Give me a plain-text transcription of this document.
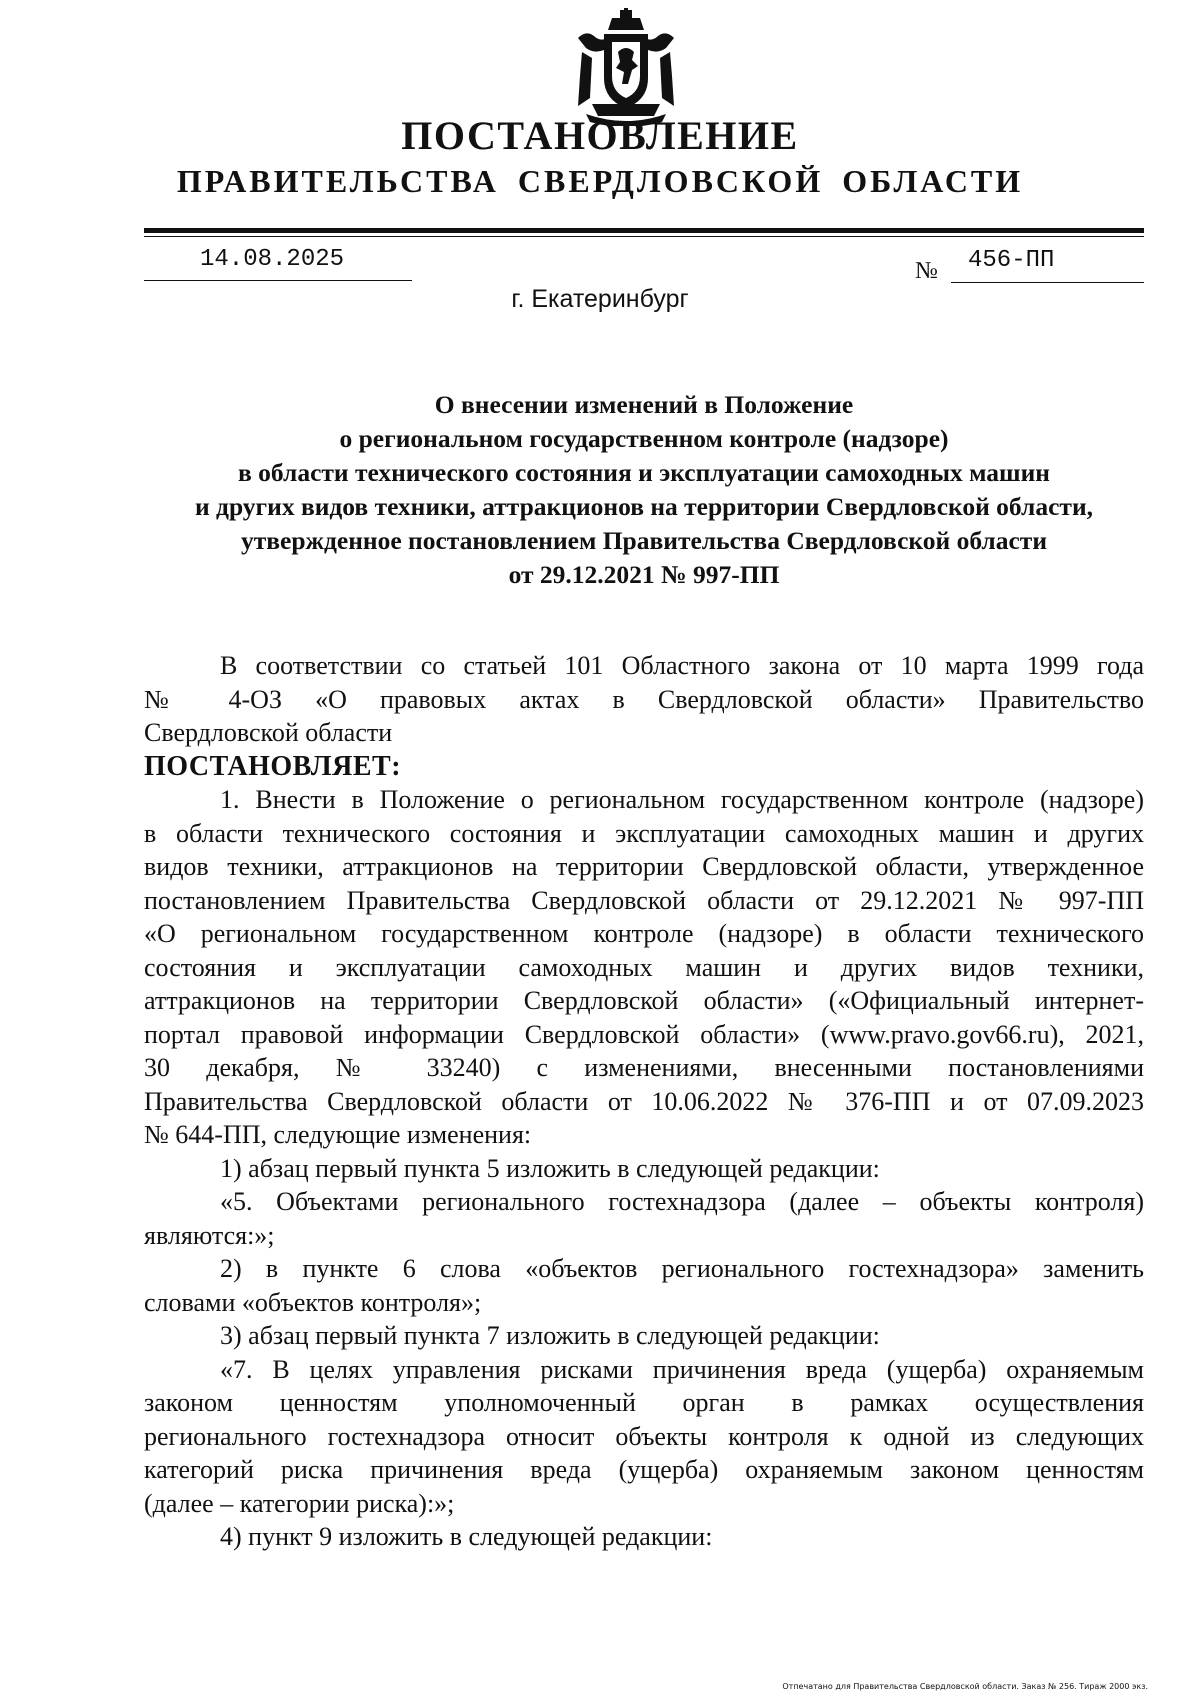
ПОСТАНОВЛЕНИЕ
ПРАВИТЕЛЬСТВА СВЕРДЛОВСКОЙ ОБЛАСТИ
14.08.2025	№ 456-ПП
г. Екатеринбург
О внесении изменений в Положение
о региональном государственном контроле (надзоре)
в области технического состояния и эксплуатации самоходных машин
и других видов техники, аттракционов на территории Свердловской области,
утвержденное постановлением Правительства Свердловской области
от 29.12.2021 № 997-ПП

В соответствии со статьей 101 Областного закона от 10 марта 1999 года

№ 4-ОЗ «О правовых актах в Свердловской области» Правительство

Свердловской области

ПОСТАНОВЛЯЕТ:

1. Внести в Положение о региональном государственном контроле (надзоре)

в области технического состояния и эксплуатации самоходных машин и других

видов техники, аттракционов на территории Свердловской области, утвержденное

постановлением Правительства Свердловской области от 29.12.2021 № 997-ПП

«О региональном государственном контроле (надзоре) в области технического

состояния и эксплуатации самоходных машин и других видов техники,

аттракционов на территории Свердловской области» («Официальный интернет-

портал правовой информации Свердловской области» (www.pravo.gov66.ru), 2021,

30 декабря, № 33240) с изменениями, внесенными постановлениями

Правительства Свердловской области от 10.06.2022 № 376-ПП и от 07.09.2023

№ 644-ПП, следующие изменения:

1) абзац первый пункта 5 изложить в следующей редакции:

«5. Объектами регионального гостехнадзора (далее – объекты контроля)

являются:»;

2) в пункте 6 слова «объектов регионального гостехнадзора» заменить

словами «объектов контроля»;

3) абзац первый пункта 7 изложить в следующей редакции:

«7. В целях управления рисками причинения вреда (ущерба) охраняемым

законом ценностям уполномоченный орган в рамках осуществления

регионального гостехнадзора относит объекты контроля к одной из следующих

категорий риска причинения вреда (ущерба) охраняемым законом ценностям

(далее – категории риска):»;

4) пункт 9 изложить в следующей редакции:

Отпечатано для Правительства Свердловской области. Заказ № 256. Тираж 2000 экз.
